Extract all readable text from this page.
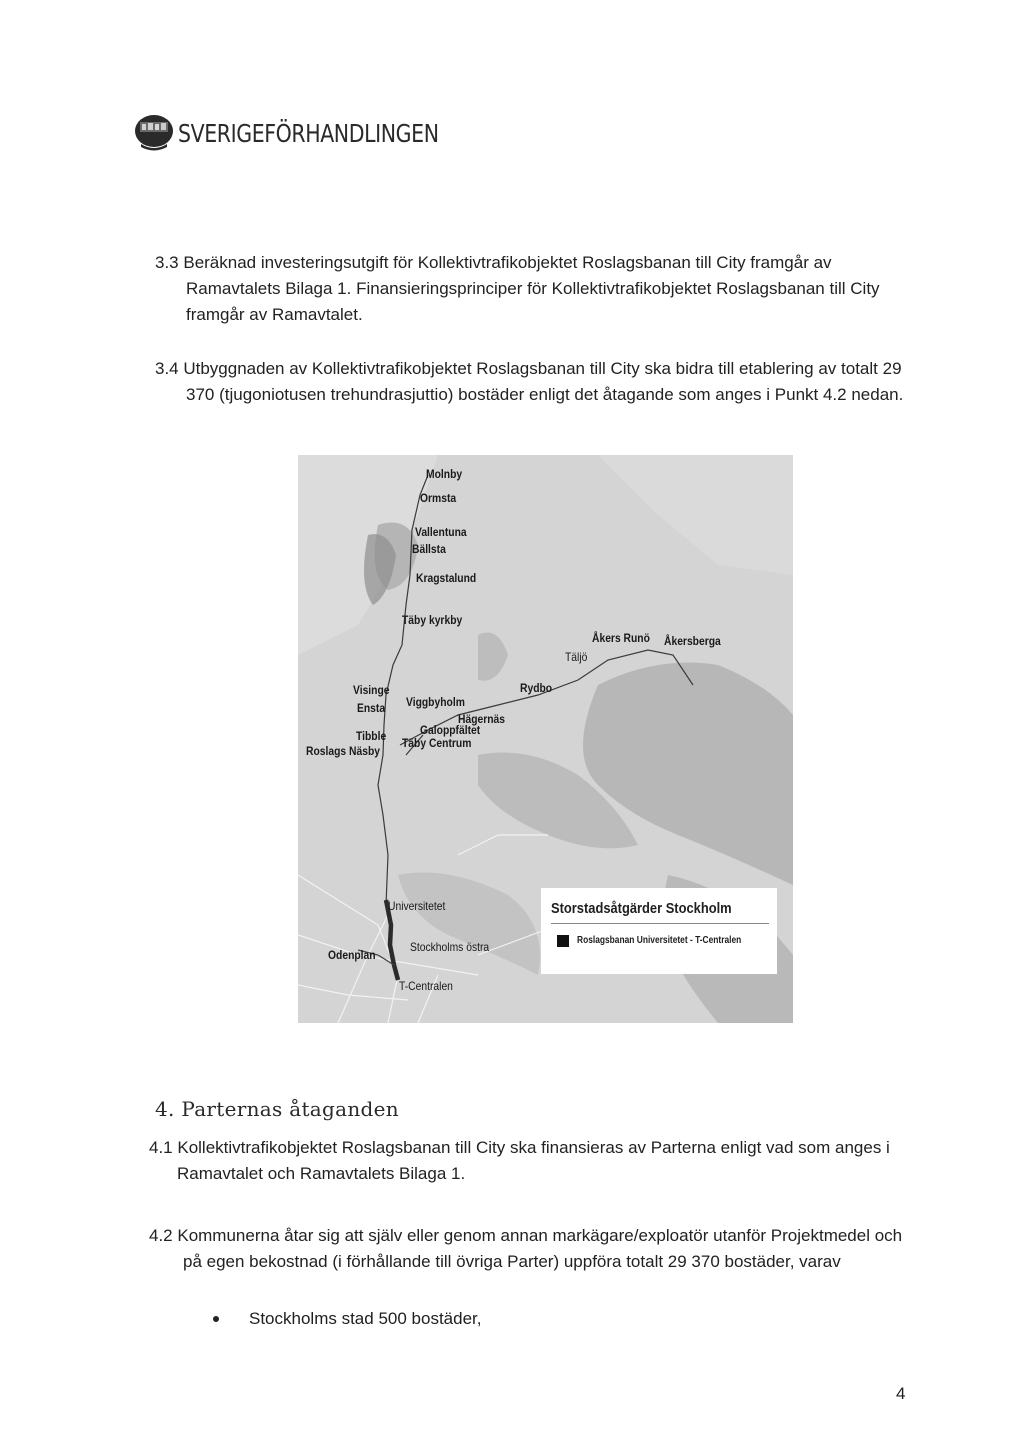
SVERIGEFÖRHANDLINGEN
3.3 Beräknad investeringsutgift för Kollektivtrafikobjektet Roslagsbanan till City framgår av Ramavtalets Bilaga 1. Finansieringsprinciper för Kollektivtrafikobjektet Roslagsbanan till City framgår av Ramavtalet.
3.4 Utbyggnaden av Kollektivtrafikobjektet Roslagsbanan till City ska bidra till etablering av totalt 29 370 (tjugoniotusen trehundrasjuttio) bostäder enligt det åtagande som anges i Punkt 4.2 nedan.
Molnby
Ormsta
Vallentuna
Bällsta
Kragstalund
Täby kyrkby
Åkers Runö Åkersberga
Täljö
Visinge
Ensta
Rydbo
Viggbyholm
Hägernäs
Tibble	Galoppfältet
Täby Centrum
Roslags Näsby
Universitetet
Stockholms östra
Odenplan
T-Centralen
Storstadsåtgärder Stockholm
Roslagsbanan Universitetet - T-Centralen
4. Parternas åtaganden
4.1 Kollektivtrafikobjektet Roslagsbanan till City ska finansieras av Parterna enligt vad som anges i Ramavtalet och Ramavtalets Bilaga 1.
4.2 Kommunerna åtar sig att själv eller genom annan markägare/exploatör utanför Projektmedel och på egen bekostnad (i förhållande till övriga Parter) uppföra totalt 29 370 bostäder, varav
Stockholms stad 500 bostäder,
4
